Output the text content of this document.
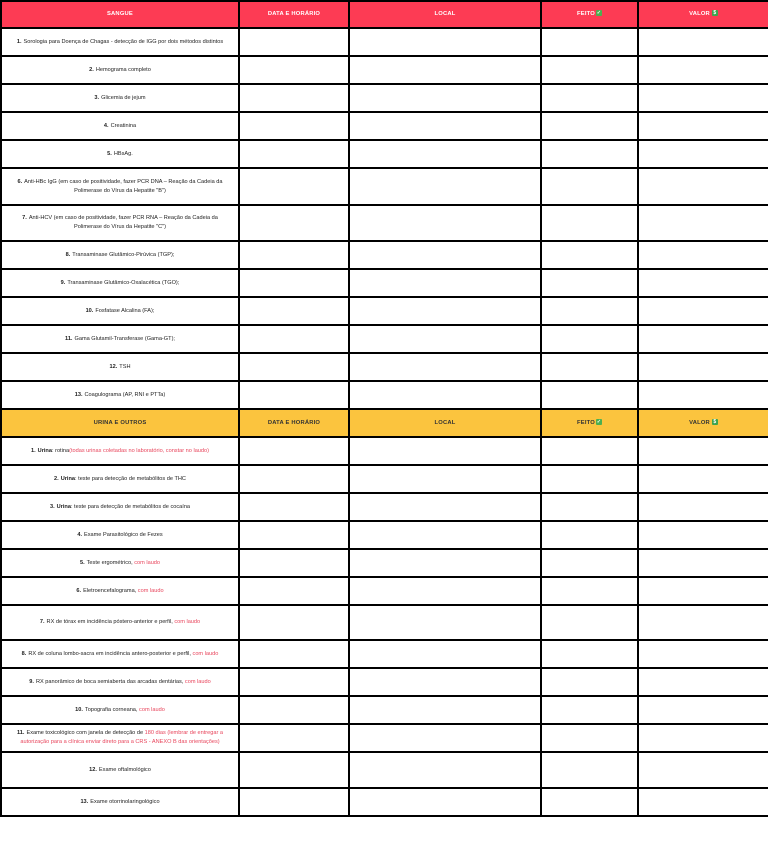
SANGUE	DATA E HORÁRIO	LOCAL	FEITO ✓	VALOR $
1. Sorologia para Doença de Chagas - detecção de IGG por dois métodos distintos				
2. Hemograma completo				
3. Glicemia de jejum				
4. Creatinina				
5. HBsAg.				
6. Anti-HBc IgG (em caso de positividade, fazer PCR DNA – Reação da Cadeia da Polimerase do Vírus da Hepatite "B")				
7. Anti-HCV (em caso de positividade, fazer PCR RNA – Reação da Cadeia da Polimerase do Vírus da Hepatite "C")				
8. Transaminase Glutâmico-Pirúvica (TGP);				
9. Transaminase Glutâmico-Oxalacética (TGO);				
10. Fosfatase Alcalina (FA);				
11. Gama Glutamil-Transferase (Gama-GT);				
12. TSH				
13. Coagulograma (AP, RNI e PTTa)				
URINA E OUTROS	DATA E HORÁRIO	LOCAL	FEITO ✓	VALOR $
1. Urina: rotina(todas urinas coletadas no laboratório, constar no laudo)				
2. Urina: teste para detecção de metabólitos de THC				
3. Urina: teste para detecção de metabólitos de cocaína				
4. Exame Parasitológico de Fezes				
5. Teste ergométrico, com laudo				
6. Eletroencefalograma, com laudo				
7. RX de tórax em incidência póstero-anterior e perfil, com laudo				
8. RX de coluna lombo-sacra em incidência antero-posterior e perfil, com laudo				
9. RX panorâmico de boca semiaberta das arcadas dentárias, com laudo				
10. Topografia corneana, com laudo				
11. Exame toxicológico com janela de detecção de 180 dias (lembrar de entregar a autorização para a clínica enviar direto para a CRS - ANEXO B das orientações)				
12. Exame oftalmológico				
13. Exame otorrinolaringológico				
